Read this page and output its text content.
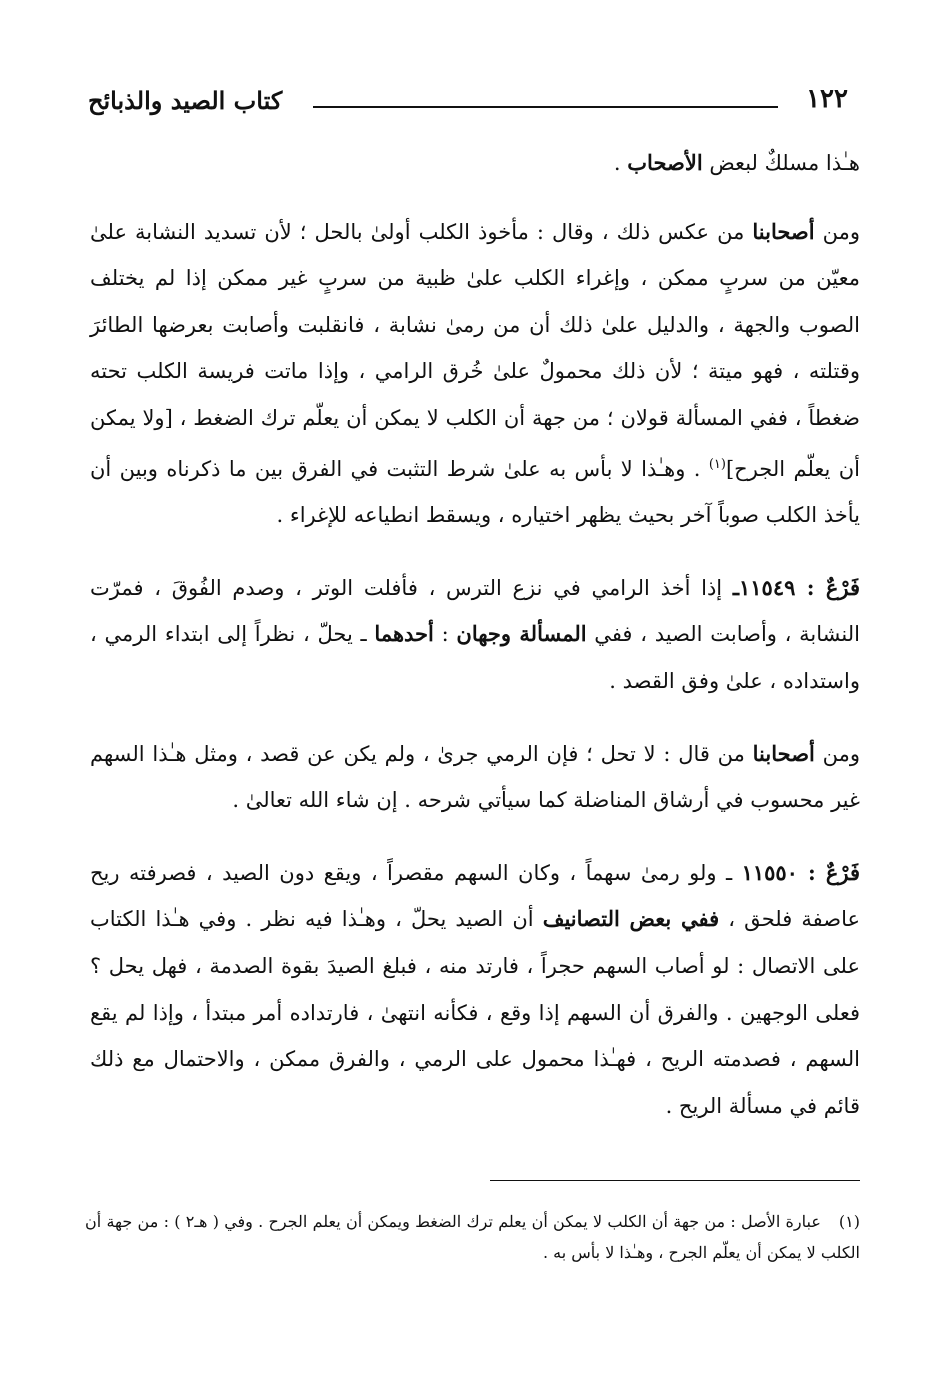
١٢٢
كتاب الصيد والذبائح

هـٰذا مسلكٌ لبعض الأصحاب .

ومن أصحابنا من عكس ذلك ، وقال : مأخوذ الكلب أولىٰ بالحل ؛ لأن تسديد النشابة علىٰ معيّن من سربٍ ممكن ، وإغراء الكلب علىٰ ظبية من سربٍ غير ممكن إذا لم يختلف الصوب والجهة ، والدليل علىٰ ذلك أن من رمىٰ نشابة ، فانقلبت وأصابت بعرضها الطائرَ وقتلته ، فهو ميتة ؛ لأن ذلك محمولٌ علىٰ خُرق الرامي ، وإذا ماتت فريسة الكلب تحته ضغطاً ، ففي المسألة قولان ؛ من جهة أن الكلب لا يمكن أن يعلّم ترك الضغط ، [ولا يمكن أن يعلّم الجرح]$^{(١)}$ . وهـٰذا لا بأس به علىٰ شرط التثبت في الفرق بين ما ذكرناه وبين أن يأخذ الكلب صوباً آخر بحيث يظهر اختياره ، ويسقط انطياعه للإغراء .

فَرْعٌ : ١١٥٤٩ـ إذا أخذ الرامي في نزع الترس ، فأفلت الوتر ، وصدم الفُوقَ ، فمرّت النشابة ، وأصابت الصيد ، ففي المسألة وجهان : أحدهما ـ يحلّ ، نظراً إلى ابتداء الرمي ، واستداده ، علىٰ وفق القصد .

ومن أصحابنا من قال : لا تحل ؛ فإن الرمي جرىٰ ، ولم يكن عن قصد ، ومثل هـٰذا السهم غير محسوب في أرشاق المناضلة كما سيأتي شرحه . إن شاء الله تعالىٰ .

فَرْعٌ : ١١٥٥٠ ـ ولو رمىٰ سهماً ، وكان السهم مقصراً ، ويقع دون الصيد ، فصرفته ريح عاصفة فلحق ، ففي بعض التصانيف أن الصيد يحلّ ، وهـٰذا فيه نظر . وفي هـٰذا الكتاب على الاتصال : لو أصاب السهم حجراً ، فارتد منه ، فبلغ الصيدَ بقوة الصدمة ، فهل يحل ؟ فعلى الوجهين . والفرق أن السهم إذا وقع ، فكأنه انتهىٰ ، فارتداده أمر مبتدأ ، وإذا لم يقع السهم ، فصدمته الريح ، فهـٰذا محمول على الرمي ، والفرق ممكن ، والاحتمال مع ذلك قائم في مسألة الريح .

(١)عبارة الأصل : من جهة أن الكلب لا يمكن أن يعلم ترك الضغط ويمكن أن يعلم الجرح . وفي ( هـ٢ ) : من جهة أن الكلب لا يمكن أن يعلّم الجرح ، وهـٰذا لا بأس به .
